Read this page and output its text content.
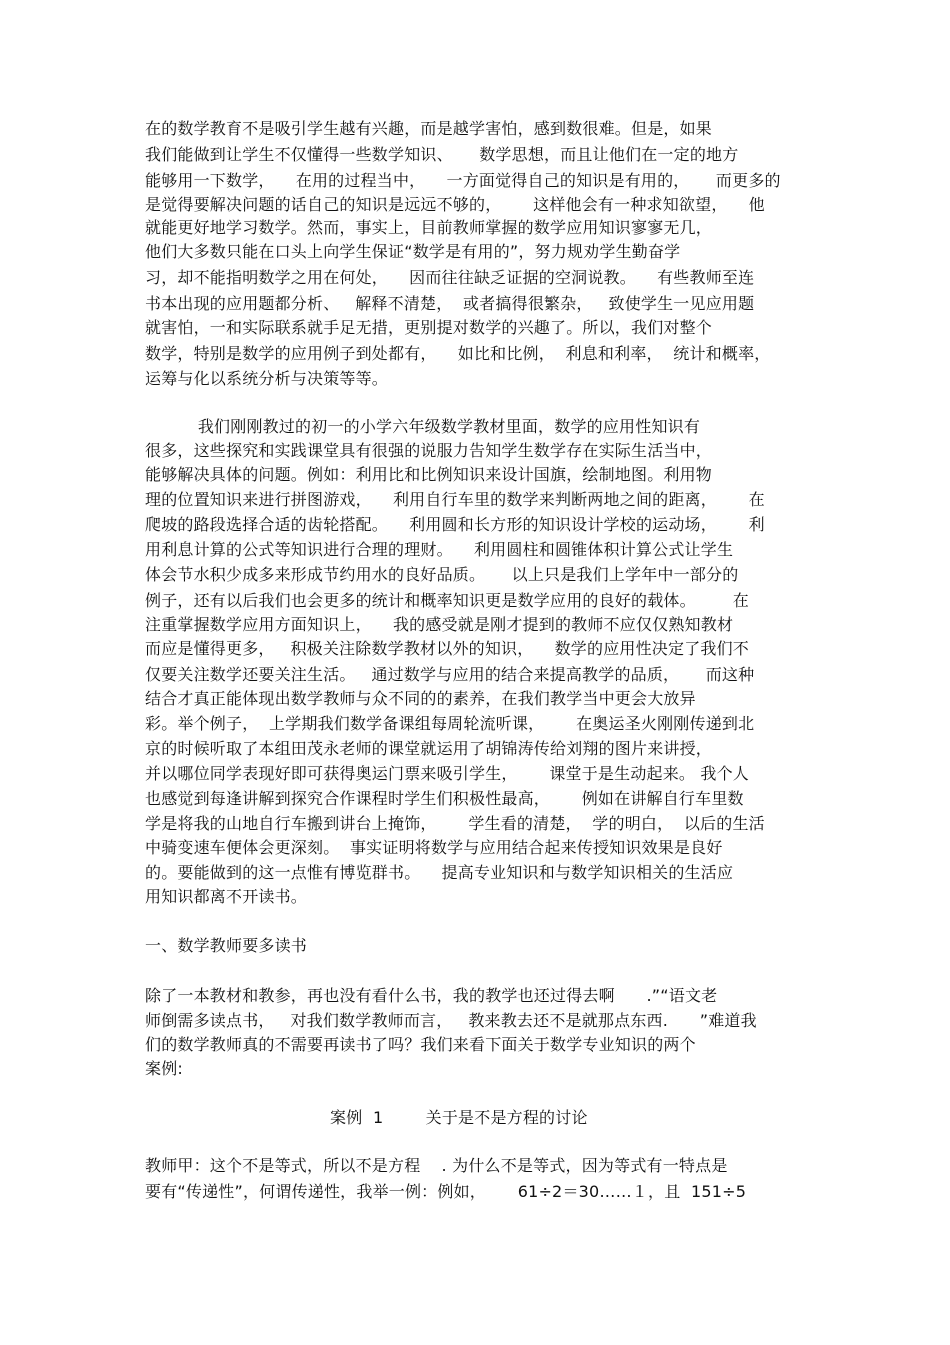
在的数学教育不是吸引学生越有兴趣，而是越学害怕，感到数很难。但是，如果
我们能做到让学生不仅懂得一些数学知识、     数学思想，而且让他们在一定的地方
能够用一下数学，    在用的过程当中，    一方面觉得自己的知识是有用的，     而更多的
是觉得要解决问题的话自己的知识是远远不够的，      这样他会有一种求知欲望，    他
就能更好地学习数学。然而，事实上，目前教师掌握的数学应用知识寥寥无几，
他们大多数只能在口头上向学生保证“数学是有用的”，努力规劝学生勤奋学
习，却不能指明数学之用在何处，    因而往往缺乏证据的空洞说教。    有些教师至连
书本出现的应用题都分析、   解释不清楚，  或者搞得很繁杂，   致使学生一见应用题
就害怕，一和实际联系就手足无措，更别提对数学的兴趣了。所以，我们对整个
数学，特别是数学的应用例子到处都有，    如比和比例，  利息和利率，  统计和概率，
运筹与化以系统分析与决策等等。
我们刚刚教过的初一的小学六年级数学教材里面，数学的应用性知识有
很多，这些探究和实践课堂具有很强的说服力告知学生数学存在实际生活当中，
能够解决具体的问题。例如：利用比和比例知识来设计国旗，绘制地图。利用物
理的位置知识来进行拼图游戏，    利用自行车里的数学来判断两地之间的距离，      在
爬坡的路段选择合适的齿轮搭配。    利用圆和长方形的知识设计学校的运动场，      利
用利息计算的公式等知识进行合理的理财。    利用圆柱和圆锥体积计算公式让学生
体会节水积少成多来形成节约用水的良好品质。     以上只是我们上学年中一部分的
例子，还有以后我们也会更多的统计和概率知识更是数学应用的良好的载体。       在
注重掌握数学应用方面知识上，    我的感受就是刚才提到的教师不应仅仅熟知教材
而应是懂得更多，   积极关注除数学教材以外的知识，    数学的应用性决定了我们不
仅要关注数学还要关注生活。   通过数学与应用的结合来提高教学的品质，     而这种
结合才真正能体现出数学教师与众不同的的素养，在我们教学当中更会大放异
彩。举个例子，  上学期我们数学备课组每周轮流听课，      在奥运圣火刚刚传递到北
京的时候听取了本组田茂永老师的课堂就运用了胡锦涛传给刘翔的图片来讲授，
并以哪位同学表现好即可获得奥运门票来吸引学生，      课堂于是生动起来。 我个人
也感觉到每逢讲解到探究合作课程时学生们积极性最高，      例如在讲解自行车里数
学是将我的山地自行车搬到讲台上掩饰，      学生看的清楚，  学的明白，  以后的生活
中骑变速车便体会更深刻。  事实证明将数学与应用结合起来传授知识效果是良好
的。要能做到的这一点惟有博览群书。    提高专业知识和与数学知识相关的生活应
用知识都离不开读书。
一、数学教师要多读书
除了一本教材和教参，再也没有看什么书，我的教学也还过得去啊      .”“语文老
师倒需多读点书，   对我们数学教师而言，   教来教去还不是就那点东西.      ”难道我
们的数学教师真的不需要再读书了吗？我们来看下面关于数学专业知识的两个
案例:
案例  1        关于是不是方程的讨论
教师甲：这个不是等式，所以不是方程    . 为什么不是等式，因为等式有一特点是
要有“传递性”，何谓传递性，我举一例：例如，      61÷2＝30……１，且  151÷5
